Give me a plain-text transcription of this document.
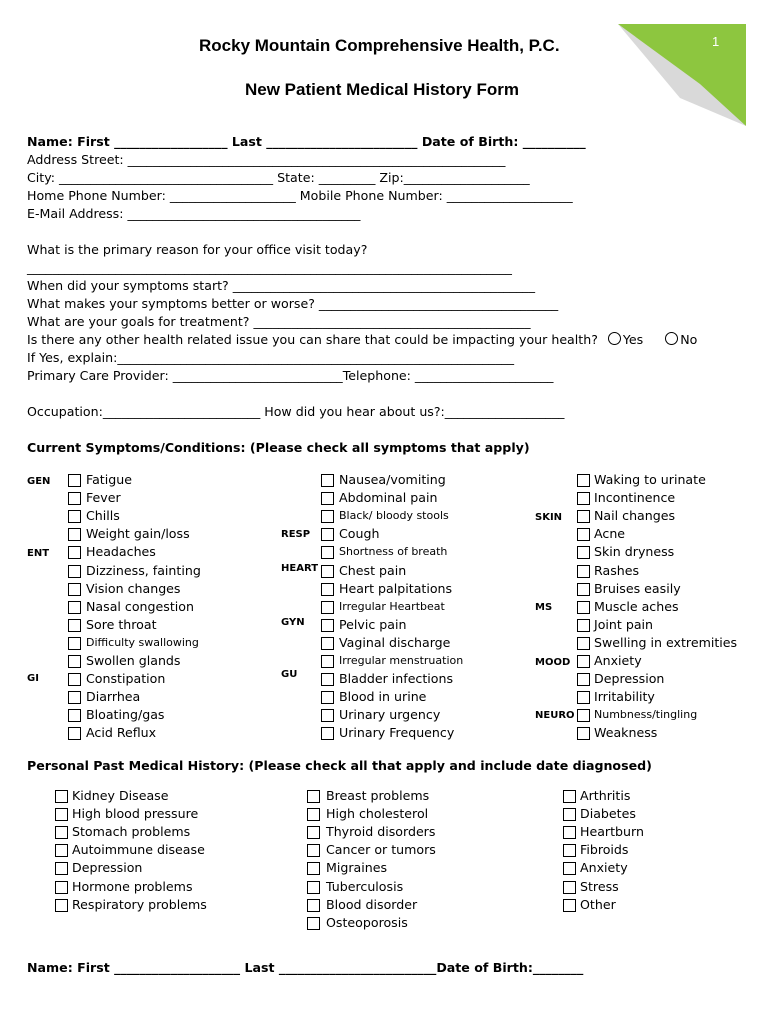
1
Rocky Mountain Comprehensive Health, P.C.
New Patient Medical History Form
Name: First __________________ Last ________________________ Date of Birth: __________
Address Street: ____________________________________________________________
City: __________________________________ State: _________ Zip:____________________
Home Phone Number: ____________________ Mobile Phone Number: ____________________
E-Mail Address: _____________________________________
What is the primary reason for your office visit today?
_____________________________________________________________________________
When did your symptoms start? ________________________________________________
What makes your symptoms better or worse? ______________________________________
What are your goals for treatment? ____________________________________________
Is there any other health related issue you can share that could be impacting your health? Yes	No
If Yes, explain:_______________________________________________________________
Primary Care Provider: ___________________________Telephone: ______________________
Occupation:_________________________ How did you hear about us?:___________________
Current Symptoms/Conditions: (Please check all symptoms that apply)
GEN
ENT
GI
RESP
HEART
GYN
GU
SKIN
MS
MOOD
NEURO
Fatigue
Fever
Chills
Weight gain/loss
Headaches
Dizziness, fainting
Vision changes
Nasal congestion
Sore throat
Difficulty swallowing
Swollen glands
Constipation
Diarrhea
Bloating/gas
Acid Reflux
Nausea/vomiting
Abdominal pain
Black/ bloody stools
Cough
Shortness of breath
Chest pain
Heart palpitations
Irregular Heartbeat
Pelvic pain
Vaginal discharge
Irregular menstruation
Bladder infections
Blood in urine
Urinary urgency
Urinary Frequency
Waking to urinate
Incontinence
Nail changes
Acne
Skin dryness
Rashes
Bruises easily
Muscle aches
Joint pain
Swelling in extremities
Anxiety
Depression
Irritability
Numbness/tingling
Weakness
Personal Past Medical History: (Please check all that apply and include date diagnosed)
Kidney Disease
High blood pressure
Stomach problems
Autoimmune disease
Depression
Hormone problems
Respiratory problems
Breast problems
High cholesterol
Thyroid disorders
Cancer or tumors
Migraines
Tuberculosis
Blood disorder
Osteoporosis
Arthritis
Diabetes
Heartburn
Fibroids
Anxiety
Stress
Other
Name: First ____________________ Last _________________________Date of Birth:________
